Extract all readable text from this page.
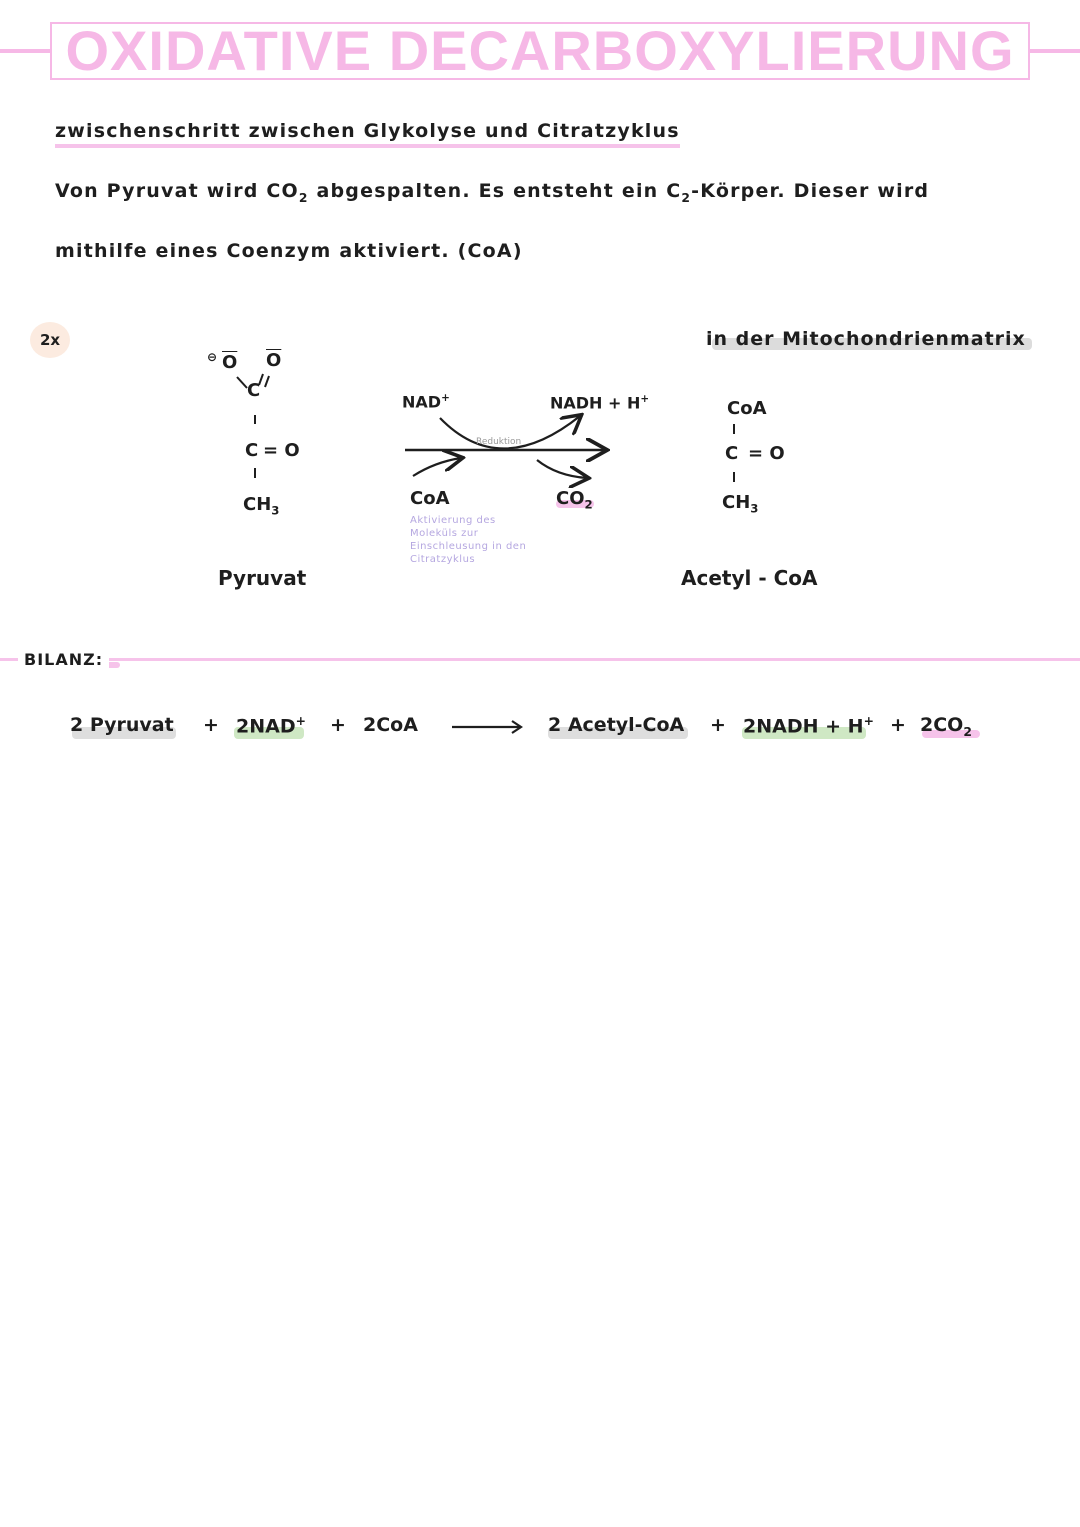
OXIDATIVE DECARBOXYLIERUNG
zwischenschritt zwischen Glykolyse und Citratzyklus
Von Pyruvat wird $CO_2$ abgespalten. Es entsteht ein $C_2$-Körper. Dieser wird
mithilfe eines Coenzym aktiviert. (CoA)
2x	in der Mitochondrienmatrix
⊖ $\overline{O}$ $\overline{O}$
C
C = O
$CH_3$
Pyruvat
NAD+	NADH + H+
Reduktion
CoA	$CO_2$
Aktivierung des Moleküls zur Einschleusung in den Citratzyklus
CoA
C = O
$CH_3$
Acetyl - CoA
BILANZ:
2 Pyruvat + 2NAD+ + 2CoA	2 Acetyl-CoA + 2NADH + $H^+ + 2CO_2$
